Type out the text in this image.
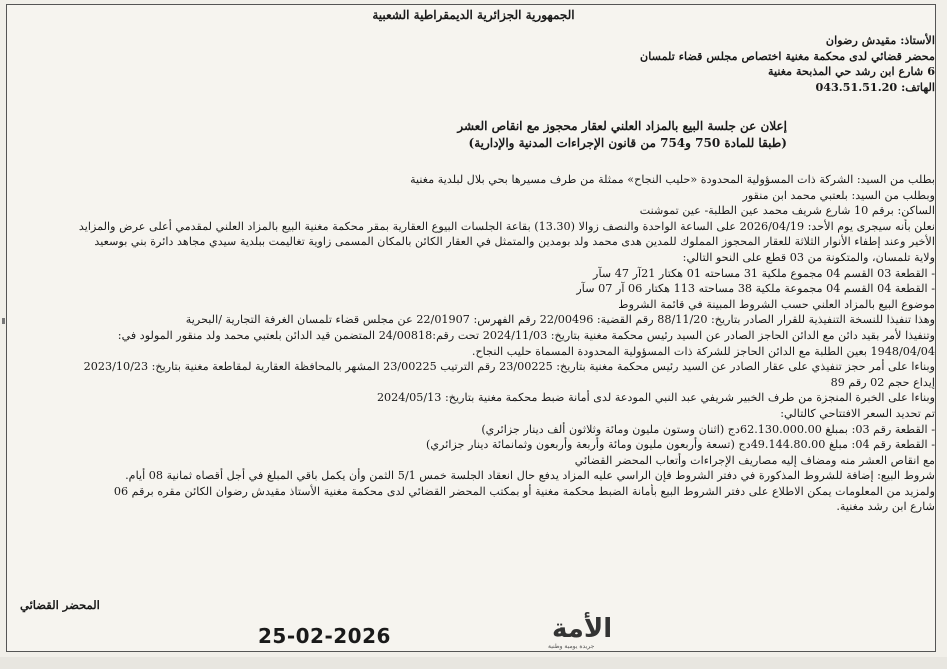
الجمهورية الجزائرية الديمقراطية الشعبية
الأستاذ: مقيدش رضوان
محضر قضائي لدى محكمة مغنية اختصاص مجلس قضاء تلمسان
6 شارع ابن رشد حي المذبحة مغنية
الهاتف: 043.51.51.20
إعلان عن جلسة البيع بالمزاد العلني لعقار محجوز مع انقاص العشر
(طبقا للمادة 750 و754 من قانون الإجراءات المدنية والإدارية)
بطلب من السيد: الشركة ذات المسؤولية المحدودة «حليب النجاح» ممثلة من طرف مسيرها بحي بلال لبلدية مغنية
وبطلب من السيد: بلعتبي محمد ابن منقور
الساكن: برقم 10 شارع شريف محمد عين الطلبة- عين تموشنت
نعلن بأنه سيجرى يوم الأحد: 2026/04/19 على الساعة الواحدة والنصف زوالا (13.30) بقاعة الجلسات البيوع العقارية بمقر محكمة مغنية البيع بالمزاد العلني لمقدمي أعلى عرض والمزايد
الأخير وعند إطفاء الأنوار الثلاثة للعقار المحجوز المملوك للمدين هدى محمد ولد بومدين والمتمثل في العقار الكائن بالمكان المسمى زاوية تغاليمت ببلدية سيدي مجاهد دائرة بني بوسعيد
ولاية تلمسان، والمتكونة من 03 قطع على النحو التالي:
- القطعة 03 القسم 04 مجموع ملكية 31 مساحته 01 هكتار 21آر 47 سآر
- القطعة 04 القسم 04 مجموعة ملكية 38 مساحته 113 هكتار 06 آر 07 سآر
موضوع البيع بالمزاد العلني حسب الشروط المبينة في قائمة الشروط
وهذا تنفيذا للنسخة التنفيذية للقرار الصادر بتاريخ: 88/11/20 رقم القضية: 22/00496 رقم الفهرس: 22/01907 عن مجلس قضاء تلمسان الغرفة التجارية /البحرية
وتنفيذا لأمر بقيد دائن مع الدائن الحاجز الصادر عن السيد رئيس محكمة مغنية بتاريخ: 2024/11/03 تحت رقم:24/00818 المتضمن قيد الدائن بلعتبي محمد ولد منقور المولود في:
1948/04/04 بعين الطلبة مع الدائن الحاجز للشركة ذات المسؤولية المحدودة المسماة حليب النجاح.
وبناءا على أمر حجز تنفيذي على عقار الصادر عن السيد رئيس محكمة مغنية بتاريخ: 23/00225 رقم الترتيب 23/00225 المشهر بالمحافظة العقارية لمقاطعة مغنية بتاريخ: 2023/10/23
إيداع حجم 02 رقم 89
وبناءا على الخبرة المنجزة من طرف الخبير شريفي عبد النبي المودعة لدى أمانة ضبط محكمة مغنية بتاريخ: 2024/05/13
تم تحديد السعر الافتتاحي كالتالي:
- القطعة رقم 03: بمبلغ 62.130.000.00دج (اثنان وستون مليون ومائة وثلاثون ألف دينار جزائري)
- القطعة رقم 04: مبلغ 49.144.80.00دج (تسعة وأربعون مليون ومائة وأربعة وأربعون وثمانمائة دينار جزائري)
مع انقاص العشر منه ومضاف إليه مصاريف الإجراءات وأتعاب المحضر القضائي
شروط البيع: إضافة للشروط المذكورة في دفتر الشروط فإن الراسي عليه المزاد يدفع حال انعقاد الجلسة خمس 5/1 الثمن وأن يكمل باقي المبلغ في أجل أقصاه ثمانية 08 أيام.
ولمزيد من المعلومات يمكن الاطلاع على دفتر الشروط البيع بأمانة الضبط محكمة مغنية أو بمكتب المحضر القضائي لدى محكمة مغنية الأستاذ مقيدش رضوان الكائن مقره برقم 06
شارع ابن رشد مغنية.
المحضر القضائي
25-02-2026	الأمة
جريدة يومية وطنية
